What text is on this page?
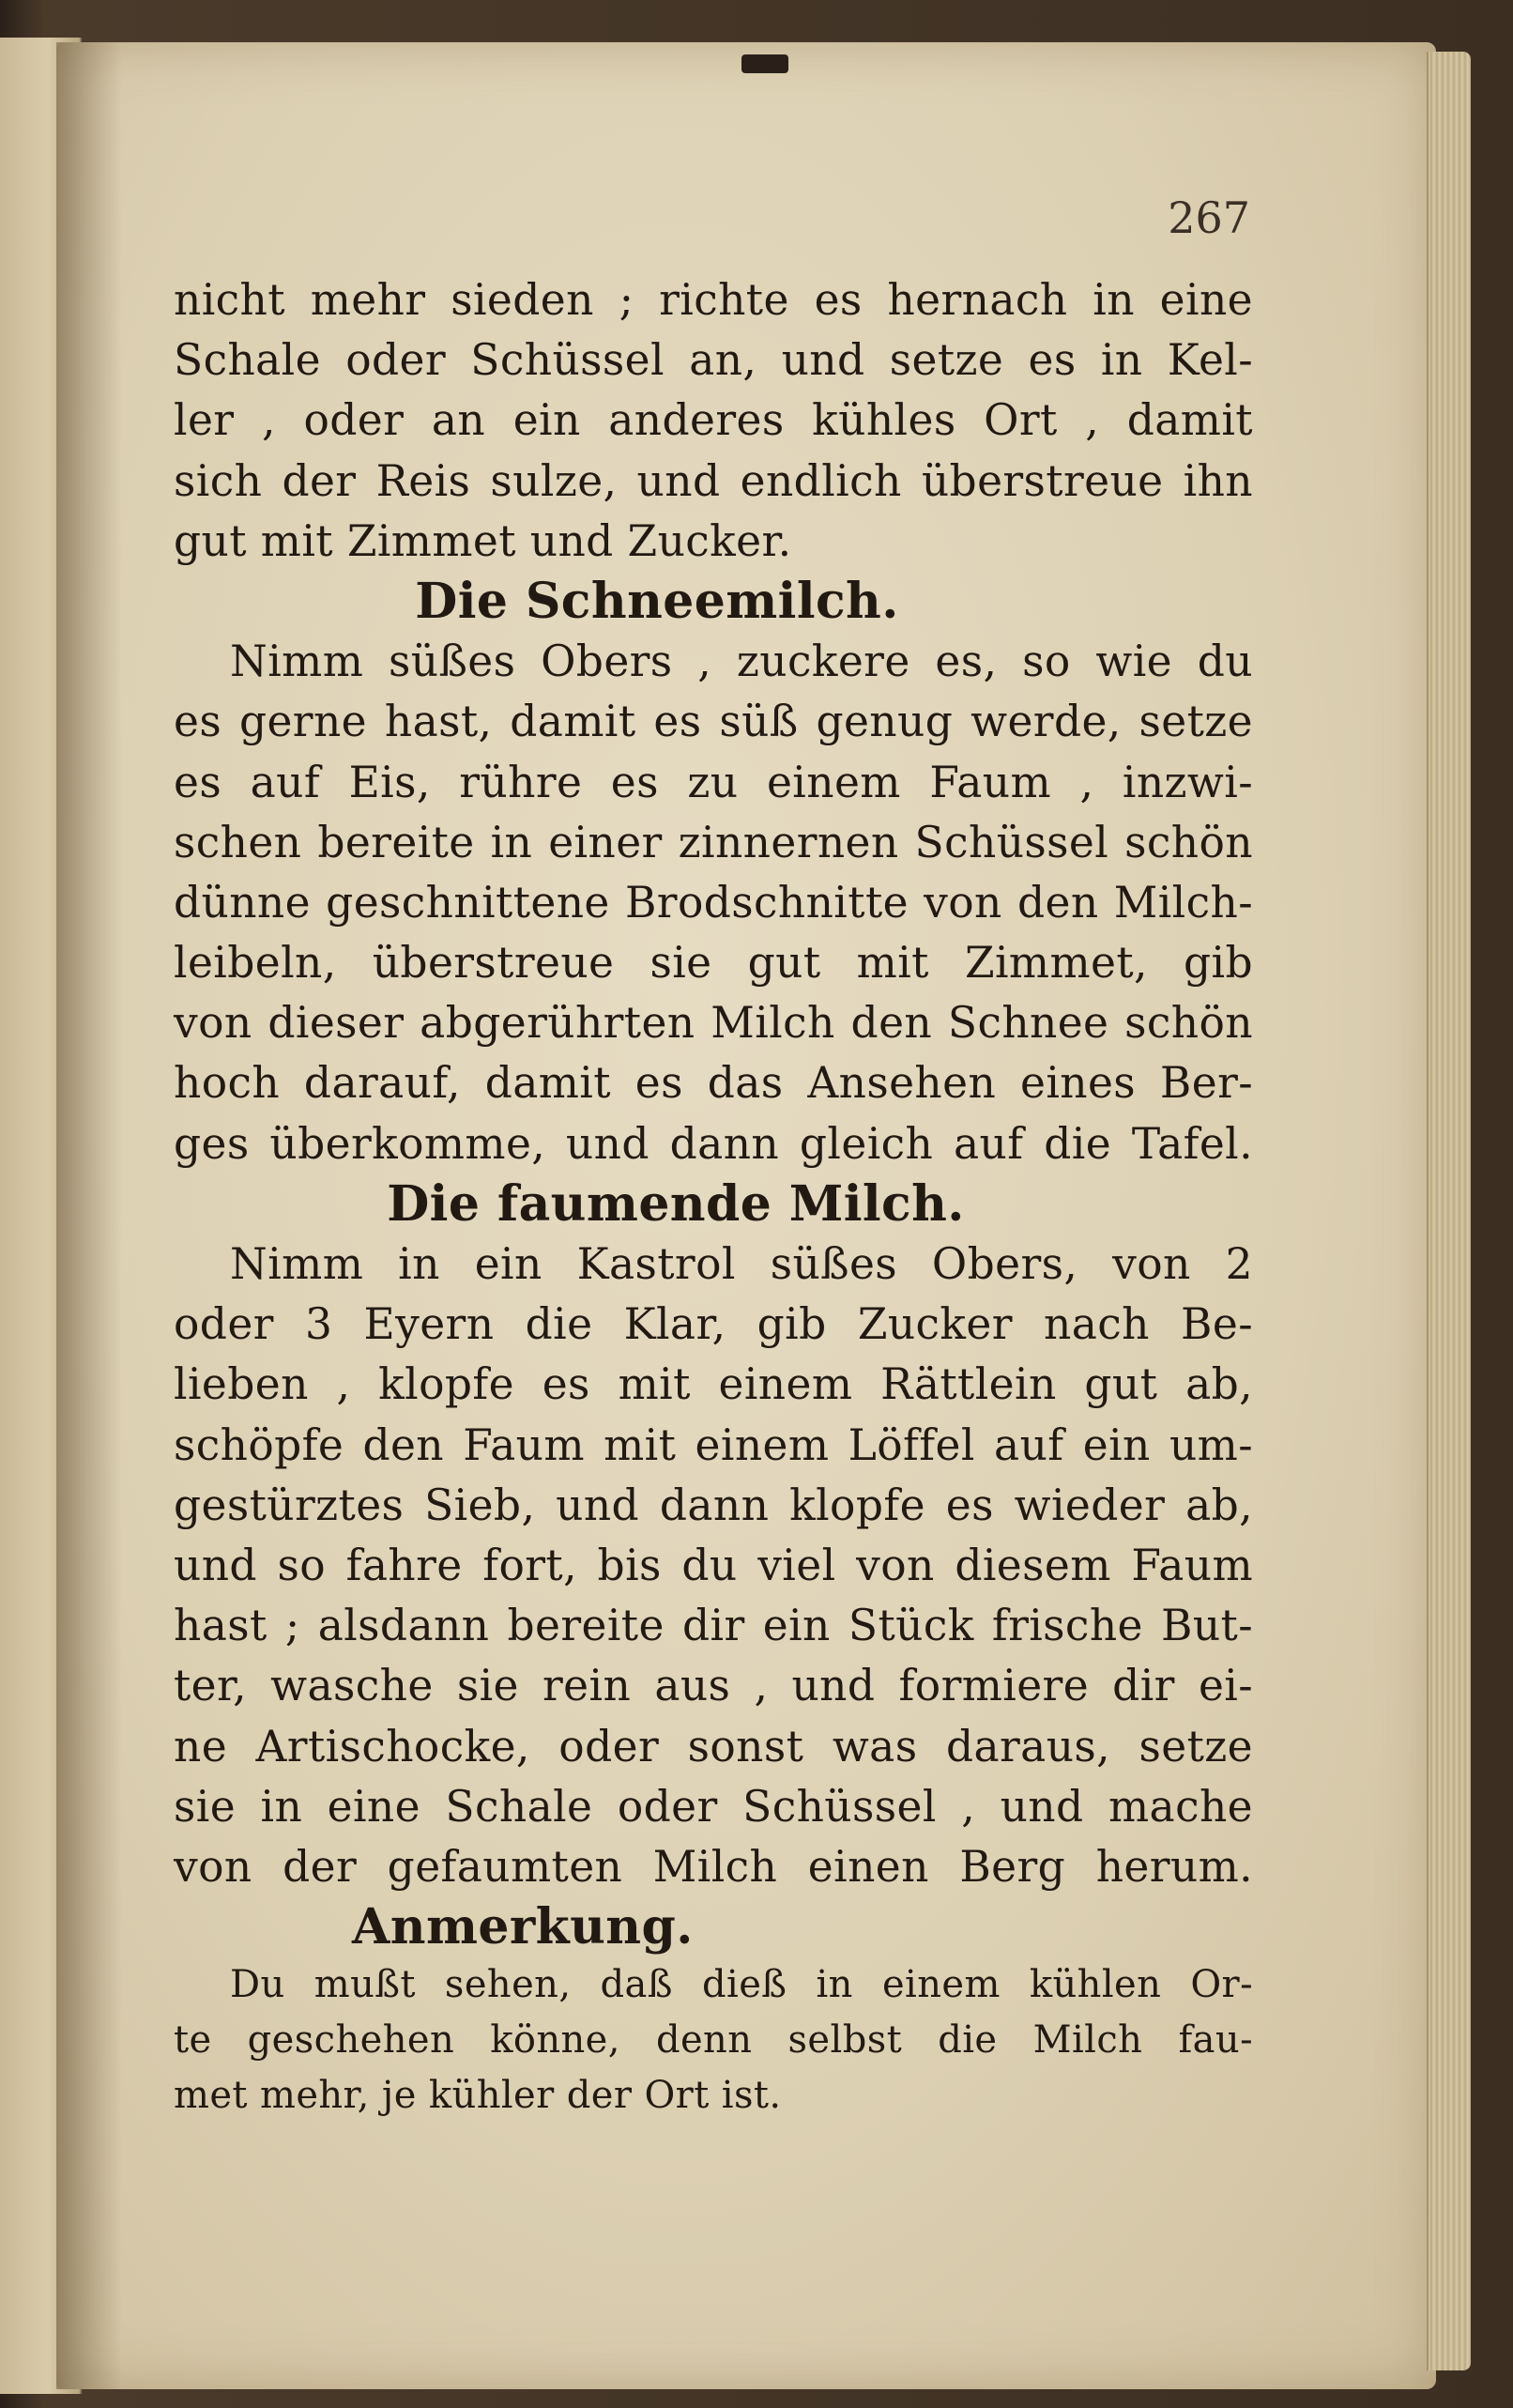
267
nicht mehr sieden ; richte es hernach in eine
Schale oder Schüssel an, und setze es in Kel-
ler , oder an ein anderes kühles Ort , damit
sich der Reis sulze, und endlich überstreue ihn
gut mit Zimmet und Zucker.
Die Schneemilch.
Nimm süßes Obers , zuckere es, so wie du
es gerne hast, damit es süß genug werde, setze
es auf Eis, rühre es zu einem Faum , inzwi-
schen bereite in einer zinnernen Schüssel schön
dünne geschnittene Brodschnitte von den Milch-
leibeln, überstreue sie gut mit Zimmet, gib
von dieser abgerührten Milch den Schnee schön
hoch darauf, damit es das Ansehen eines Ber-
ges überkomme, und dann gleich auf die Tafel.
Die faumende Milch.
Nimm in ein Kastrol süßes Obers, von 2
oder 3 Eyern die Klar, gib Zucker nach Be-
lieben , klopfe es mit einem Rättlein gut ab,
schöpfe den Faum mit einem Löffel auf ein um-
gestürztes Sieb, und dann klopfe es wieder ab,
und so fahre fort, bis du viel von diesem Faum
hast ; alsdann bereite dir ein Stück frische But-
ter, wasche sie rein aus , und formiere dir ei-
ne Artischocke, oder sonst was daraus, setze
sie in eine Schale oder Schüssel , und mache
von der gefaumten Milch einen Berg herum.
Anmerkung.
Du mußt sehen, daß dieß in einem kühlen Or-
te geschehen könne, denn selbst die Milch fau-
met mehr, je kühler der Ort ist.
